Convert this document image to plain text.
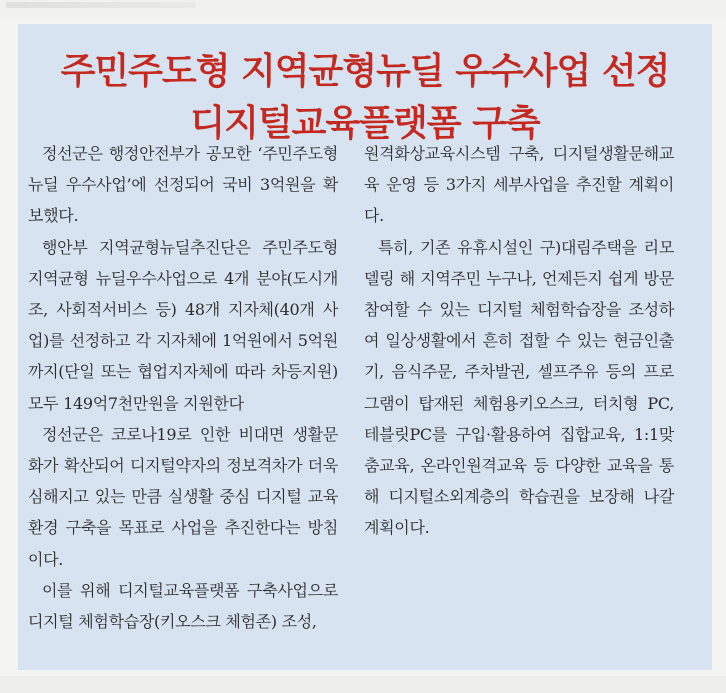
주민주도형 지역균형뉴딜 우수사업 선정
디지털교육플랫폼 구축

정선군은 행정안전부가 공모한 ‘주민주도형 뉴딜 우수사업’에 선정되어 국비 3억원을 확보했다.

행안부 지역균형뉴딜추진단은 주민주도형 지역균형 뉴딜우수사업으로 4개 분야(도시개조, 사회적서비스 등) 48개 지자체(40개 사업)를 선정하고 각 지자체에 1억원에서 5억원 까지(단일 또는 협업지자체에 따라 차등지원) 모두 149억7천만원을 지원한다

정선군은 코로나19로 인한 비대면 생활문화가 확산되어 디지털약자의 정보격차가 더욱 심해지고 있는 만큼 실생활 중심 디지털 교육 환경 구축을 목표로 사업을 추진한다는 방침이다.

이를 위해 디지털교육플랫폼 구축사업으로 디지털 체험학습장(키오스크 체험존) 조성,

원격화상교육시스템 구축, 디지털생활문해교육 운영 등 3가지 세부사업을 추진할 계획이다.

특히, 기존 유휴시설인 구)대림주택을 리모델링 해 지역주민 누구나, 언제든지 쉽게 방문 참여할 수 있는 디지털 체험학습장을 조성하여 일상생활에서 흔히 접할 수 있는 현금인출기, 음식주문, 주차발권, 셀프주유 등의 프로그램이 탑재된 체험용키오스크, 터치형 PC, 테블릿PC를 구입·활용하여 집합교육, 1:1맞춤교육, 온라인원격교육 등 다양한 교육을 통해 디지털소외계층의 학습권을 보장해 나갈 계획이다.
